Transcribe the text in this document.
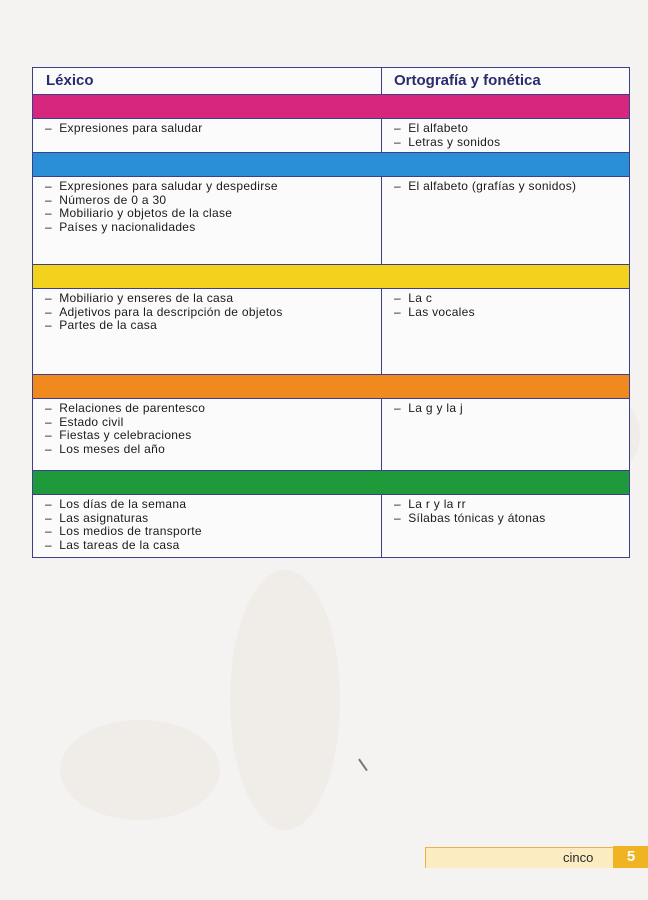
Léxico	Ortografía y fonética
–  Expresiones para saludar
–	El alfabeto
–  Letras y sonidos
–  Expresiones para saludar y despedirse
–  Números de 0 a 30
–  Mobiliario y objetos de la clase
–  Países y nacionalidades
–  El alfabeto (grafías y sonidos)
–  Mobiliario y enseres de la casa
–  Adjetivos para la descripción de objetos
–  Partes de la casa
–  La c
–  Las vocales
–  Relaciones de parentesco
–  Estado civil
–  Fiestas y celebraciones
–  Los meses del año
–  La g y la j
–  Los días de la semana
–  Las asignaturas
–  Los medios de transporte
–  Las tareas de la casa
–  La r y la rr
–  Sílabas tónicas y átonas
cinco	5
